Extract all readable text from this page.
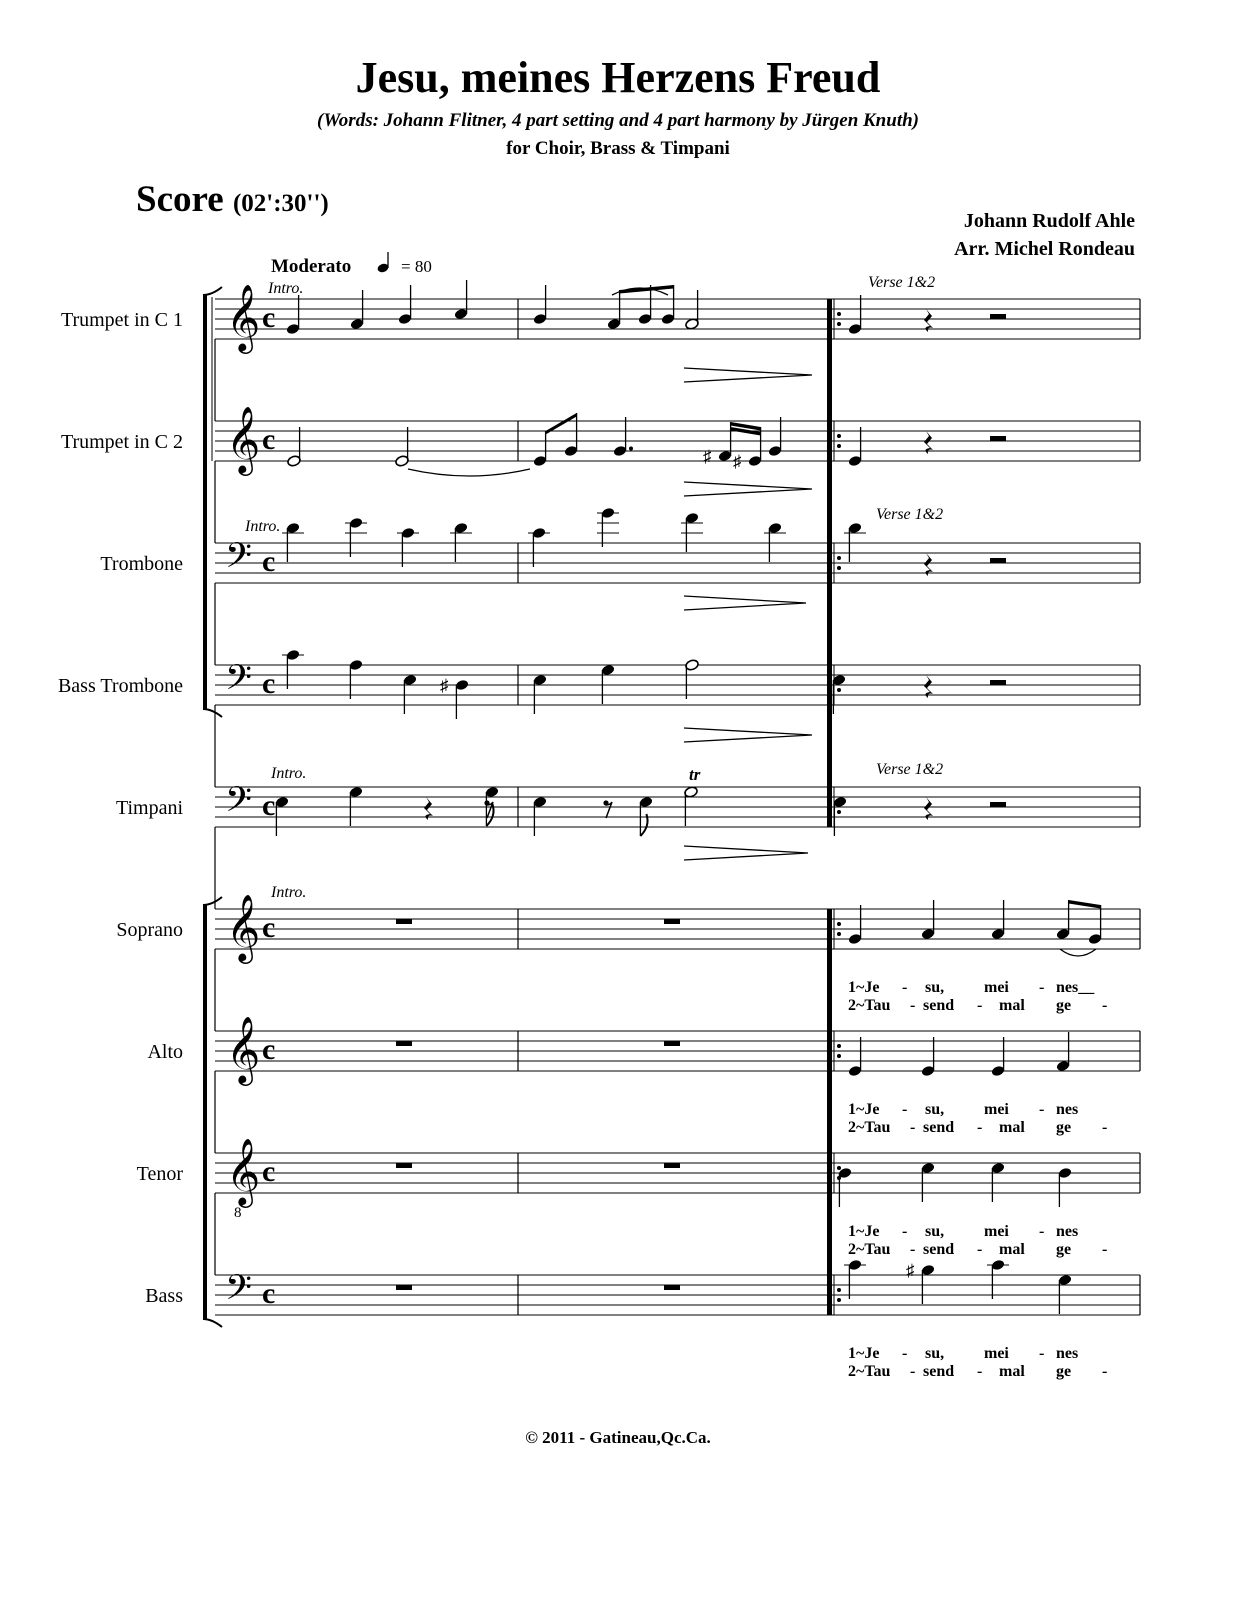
Jesu, meines Herzens Freud
(Words: Johann Flitner, 4 part setting and 4 part harmony by Jürgen Knuth)
for Choir, Brass & Timpani
Score (02':30'')
Johann Rudolf Ahle
Arr. Michel Rondeau
© 2011 - Gatineau,Qc.Ca.
Trumpet in C 1 𝄞 c
Trumpet in C 2 𝄞 c
Trombone 𝄢 c
Bass Trombone 𝄢 c
Timpani 𝄢 c
Soprano 𝄞 c
Alto 𝄞 c
Tenor 𝄞
8
c
Bass 𝄢 c
♯ ♯
♯
♯
Moderato	= 80
Intro.	Verse 1&2
Intro.
Verse 1&2
Intro.	Verse 1&2
tr
Intro.
1~Je - su, mei - nes__
2~Tau - send - mal ge -
1~Je - su, mei - nes
2~Tau - send - mal ge -
1~Je - su, mei - nes
2~Tau - send - mal ge -
1~Je - su, mei - nes
2~Tau - send - mal ge -
